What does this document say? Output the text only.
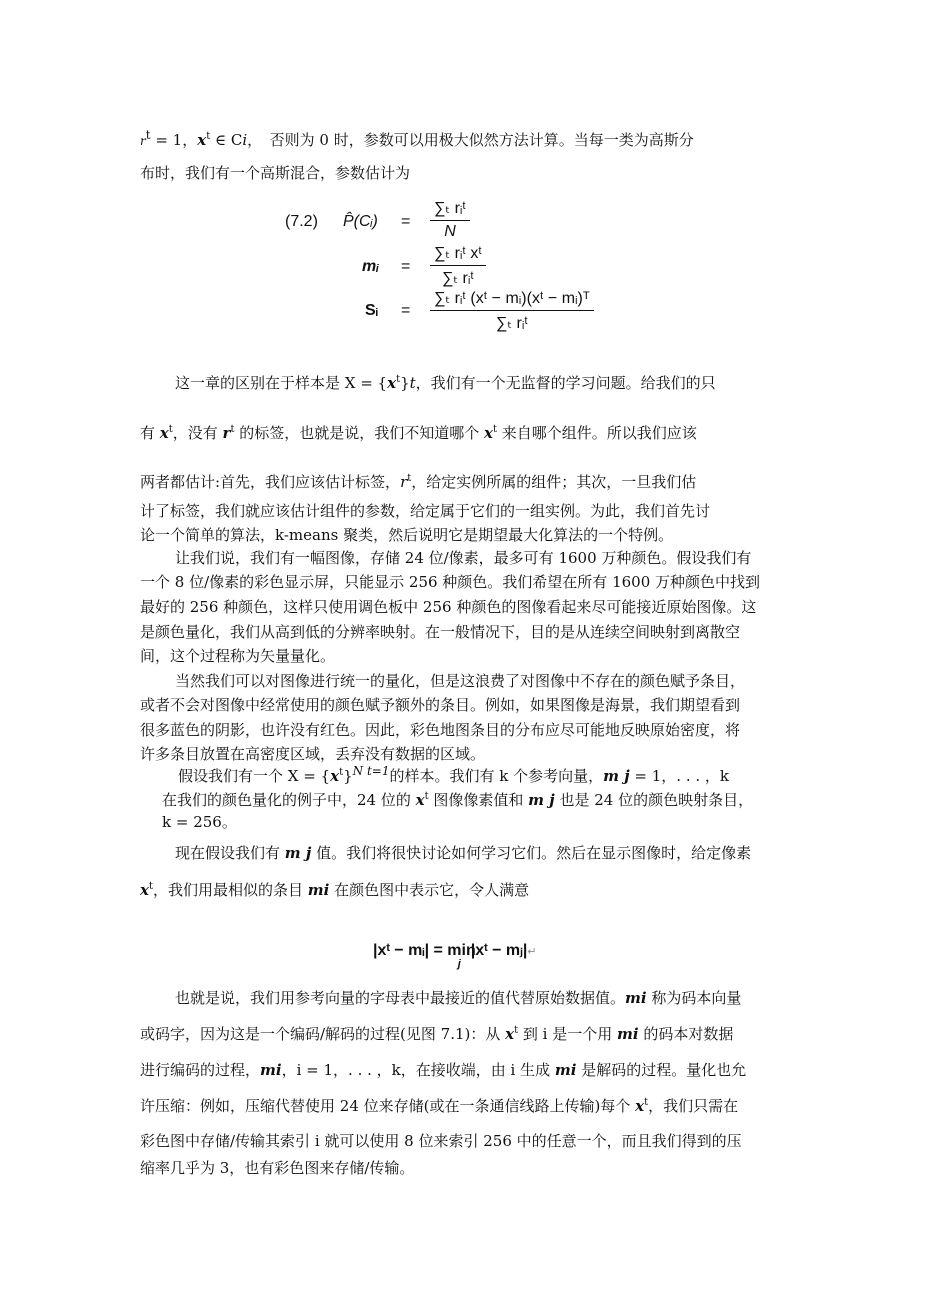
$r^t = 1$，$x^t$ ∈ Ci，　否则为 0 时，参数可以用极大似然方法计算。当每一类为高斯分
布时，我们有一个高斯混合，参数估计为
(7.2) P̂(Cᵢ) = $\frac{\text{∑ₜ rᵢᵗ}}{N}$
mᵢ = $\frac{\text{∑ₜ rᵢᵗ xᵗ}}{\text{∑ₜ rᵢᵗ}}$
Sᵢ = $\frac{\text{∑ₜ rᵢᵗ (xᵗ − mᵢ)(xᵗ − mᵢ)ᵀ}}{\text{∑ₜ rᵢᵗ}}$
这一章的区别在于样本是 $X = \{x^t\}t$，我们有一个无监督的学习问题。给我们的只
有 $x^t$，没有 $r^t$ 的标签，也就是说，我们不知道哪个 $x^t$ 来自哪个组件。所以我们应该
两者都估计:首先，我们应该估计标签，$r^t$，给定实例所属的组件；其次，一旦我们估
计了标签，我们就应该估计组件的参数，给定属于它们的一组实例。为此，我们首先讨
论一个简单的算法，k-means 聚类，然后说明它是期望最大化算法的一个特例。
让我们说，我们有一幅图像，存储 24 位/像素，最多可有 1600 万种颜色。假设我们有
一个 8 位/像素的彩色显示屏，只能显示 256 种颜色。我们希望在所有 1600 万种颜色中找到
最好的 256 种颜色，这样只使用调色板中 256 种颜色的图像看起来尽可能接近原始图像。这
是颜色量化，我们从高到低的分辨率映射。在一般情况下，目的是从连续空间映射到离散空
间，这个过程称为矢量量化。
当然我们可以对图像进行统一的量化，但是这浪费了对图像中不存在的颜色赋予条目，
或者不会对图像中经常使用的颜色赋予额外的条目。例如，如果图像是海景，我们期望看到
很多蓝色的阴影，也许没有红色。因此，彩色地图条目的分布应尽可能地反映原始密度，将
许多条目放置在高密度区域，丢弃没有数据的区域。
假设我们有一个 $X = \{x^t\}^{N t=1}$的样本。我们有 k 个参考向量，m j = 1，. . . ，k
在我们的颜色量化的例子中，24 位的 $x^t$ 图像像素值和 m j 也是 24 位的颜色映射条目，
k = 256。
现在假设我们有 m j 值。我们将很快讨论如何学习它们。然后在显示图像时，给定像素
$x^t$，我们用最相似的条目 mi 在颜色图中表示它，令人满意
|xᵗ − mᵢ| = $\min_j|xᵗ$ − mⱼ|↵
也就是说，我们用参考向量的字母表中最接近的值代替原始数据值。mi 称为码本向量
或码字，因为这是一个编码/解码的过程(见图 7.1)：从 $x^t$ 到 i 是一个用 mi 的码本对数据
进行编码的过程，mi，i = 1，. . . ，k，在接收端，由 i 生成 mi 是解码的过程。量化也允
许压缩：例如，压缩代替使用 24 位来存储(或在一条通信线路上传输)每个 $x^t$，我们只需在
彩色图中存储/传输其索引 i 就可以使用 8 位来索引 256 中的任意一个，而且我们得到的压
缩率几乎为 3，也有彩色图来存储/传输。
